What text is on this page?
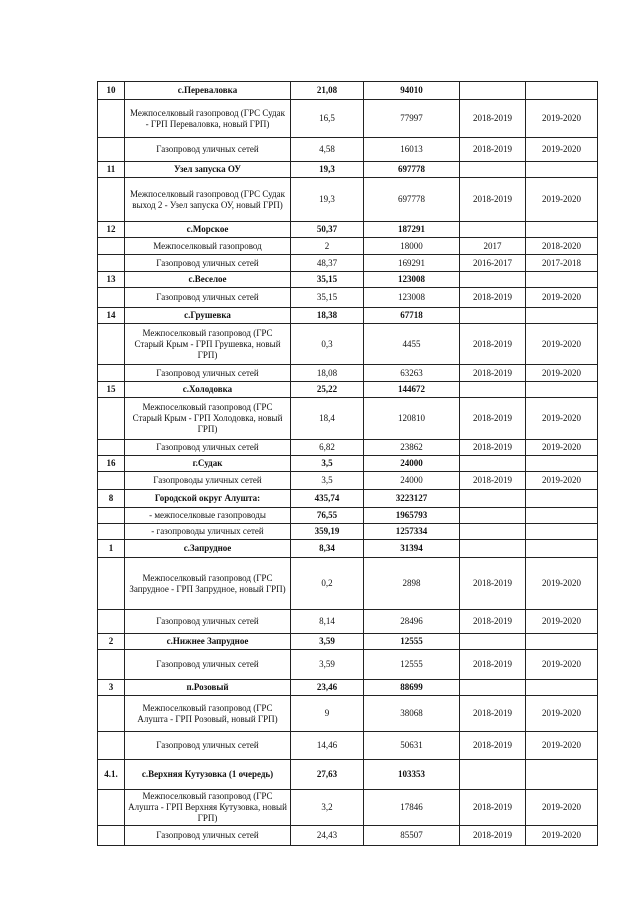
10	с.Переваловка	21,08	94010		
	Межпоселковый газопровод (ГРС Судак - ГРП Переваловка, новый ГРП)	16,5	77997	2018-2019	2019-2020
	Газопровод уличных сетей	4,58	16013	2018-2019	2019-2020
11	Узел запуска ОУ	19,3	697778		
	Межпоселковый газопровод (ГРС Судак выход 2 - Узел запуска ОУ, новый ГРП)	19,3	697778	2018-2019	2019-2020
12	с.Морское	50,37	187291		
	Межпоселковый газопровод	2	18000	2017	2018-2020
	Газопровод уличных сетей	48,37	169291	2016-2017	2017-2018
13	с.Веселое	35,15	123008		
	Газопровод уличных сетей	35,15	123008	2018-2019	2019-2020
14	с.Грушевка	18,38	67718		
	Межпоселковый газопровод (ГРС Старый Крым - ГРП Грушевка, новый ГРП)	0,3	4455	2018-2019	2019-2020
	Газопровод уличных сетей	18,08	63263	2018-2019	2019-2020
15	с.Холодовка	25,22	144672		
	Межпоселковый газопровод (ГРС Старый Крым - ГРП Холодовка, новый ГРП)	18,4	120810	2018-2019	2019-2020
	Газопровод уличных сетей	6,82	23862	2018-2019	2019-2020
16	г.Судак	3,5	24000		
	Газопроводы уличных сетей	3,5	24000	2018-2019	2019-2020
8	Городской округ Алушта:	435,74	3223127		
	- межпоселковые газопроводы	76,55	1965793		
	- газопроводы уличных сетей	359,19	1257334		
1	с.Запрудное	8,34	31394		
	Межпоселковый газопровод (ГРС Запрудное - ГРП Запрудное, новый ГРП)	0,2	2898	2018-2019	2019-2020
	Газопровод уличных сетей	8,14	28496	2018-2019	2019-2020
2	с.Нижнее Запрудное	3,59	12555		
	Газопровод уличных сетей	3,59	12555	2018-2019	2019-2020
3	п.Розовый	23,46	88699		
	Межпоселковый газопровод (ГРС Алушта - ГРП Розовый, новый ГРП)	9	38068	2018-2019	2019-2020
	Газопровод уличных сетей	14,46	50631	2018-2019	2019-2020
4.1.	с.Верхняя Кутузовка (1 очередь)	27,63	103353		
	Межпоселковый газопровод (ГРС Алушта - ГРП Верхняя Кутузовка, новый ГРП)	3,2	17846	2018-2019	2019-2020
	Газопровод уличных сетей	24,43	85507	2018-2019	2019-2020
